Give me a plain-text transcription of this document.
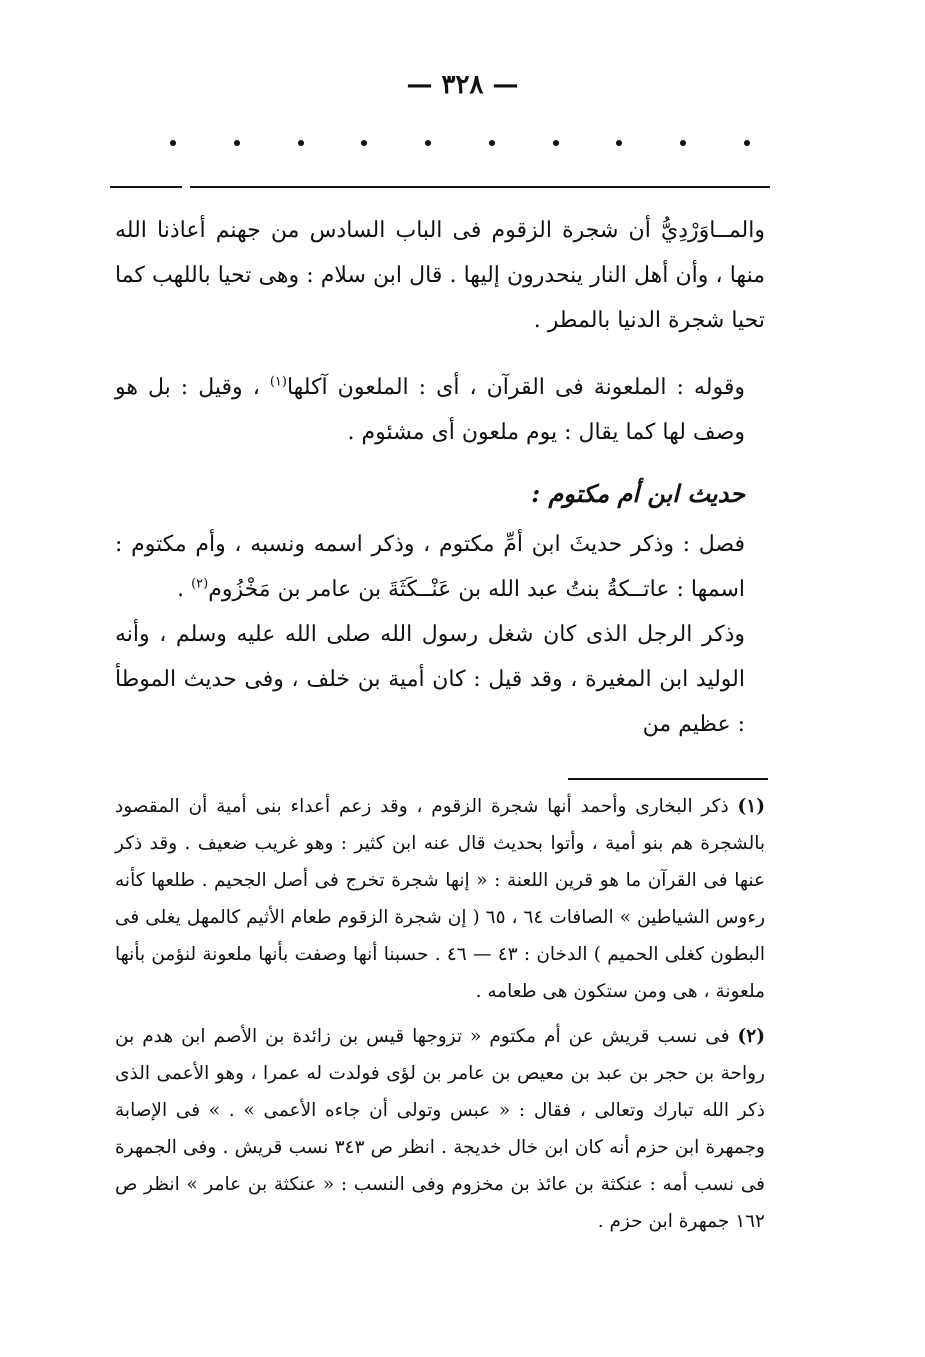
— ٣٢٨ —

والمــاوَرْدِيُّ أن شجرة الزقوم فى الباب السادس من جهنم أعاذنا الله منها ، وأن أهل النار ينحدرون إليها . قال ابن سلام : وهى تحيا باللهب كما تحيا شجرة الدنيا بالمطر .

وقوله : الملعونة فى القرآن ، أى : الملعون آكلها$^{(١)}$ ، وقيل : بل هو وصف لها كما يقال : يوم ملعون أى مشئوم .

حديث ابن أم مكتوم :

فصل : وذكر حديثَ ابن أمِّ مكتوم ، وذكر اسمه ونسبه ، وأم مكتوم : اسمها : عاتــكةُ بنتُ عبد الله بن عَنْــكَثَةَ بن عامر بن مَخْزُوم$^{(٢)}$ .

وذكر الرجل الذى كان شغل رسول الله صلى الله عليه وسلم ، وأنه الوليد ابن المغيرة ، وقد قيل : كان أمية بن خلف ، وفى حديث الموطأ : عظيم من

(١) ذكر البخارى وأحمد أنها شجرة الزقوم ، وقد زعم أعداء بنى أمية أن المقصود بالشجرة هم بنو أمية ، وأتوا بحديث قال عنه ابن كثير : وهو غريب ضعيف . وقد ذكر عنها فى القرآن ما هو قرين اللعنة : « إنها شجرة تخرج فى أصل الجحيم . طلعها كأنه رءوس الشياطين » الصافات ٦٤ ، ٦٥ ( إن شجرة الزقوم طعام الأثيم كالمهل يغلى فى البطون كغلى الحميم ) الدخان : ٤٣ — ٤٦ . حسبنا أنها وصفت بأنها ملعونة لنؤمن بأنها ملعونة ، هى ومن ستكون هى طعامه .

(٢) فى نسب قريش عن أم مكتوم « تزوجها قيس بن زائدة بن الأصم ابن هدم بن رواحة بن حجر بن عبد بن معيص بن عامر بن لؤى فولدت له عمرا ، وهو الأعمى الذى ذكر الله تبارك وتعالى ، فقال : « عبس وتولى أن جاءه الأعمى » . » فى الإصابة وجمهرة ابن حزم أنه كان ابن خال خديجة . انظر ص ٣٤٣ نسب قريش . وفى الجمهرة فى نسب أمه : عنكثة بن عائذ بن مخزوم وفى النسب : « عنكثة بن عامر » انظر ص ١٦٢ جمهرة ابن حزم .
